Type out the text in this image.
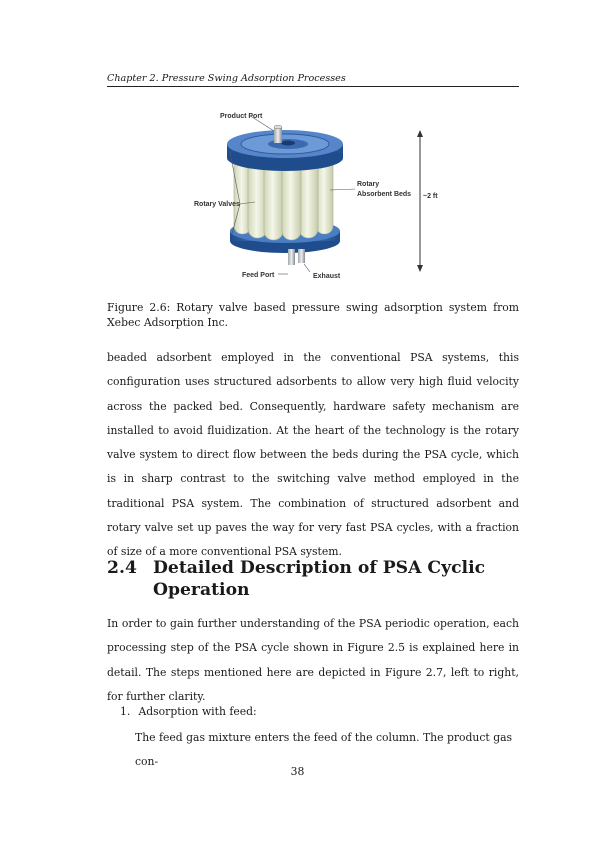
Chapter 2. Pressure Swing Adsorption Processes
Product Port
Rotary Valves
Rotary
Absorbent Beds ~2 ft
Feed Port	Exhaust
Figure 2.6: Rotary valve based pressure swing adsorption system from Xebec Adsorption Inc.
beaded adsorbent employed in the conventional PSA systems, this configuration uses structured adsorbents to allow very high fluid velocity across the packed bed. Consequently, hardware safety mechanism are installed to avoid fluidization. At the heart of the technology is the rotary valve system to direct flow between the beds during the PSA cycle, which is in sharp contrast to the switching valve method employed in the traditional PSA system. The combination of structured adsorbent and rotary valve set up paves the way for very fast PSA cycles, with a fraction of size of a more conventional PSA system.
2.4 Detailed Description of PSA Cyclic Operation
In order to gain further understanding of the PSA periodic operation, each processing step of the PSA cycle shown in Figure 2.5 is explained here in detail. The steps mentioned here are depicted in Figure 2.7, left to right, for further clarity.
1. Adsorption with feed:
The feed gas mixture enters the feed of the column. The product gas con-
38
